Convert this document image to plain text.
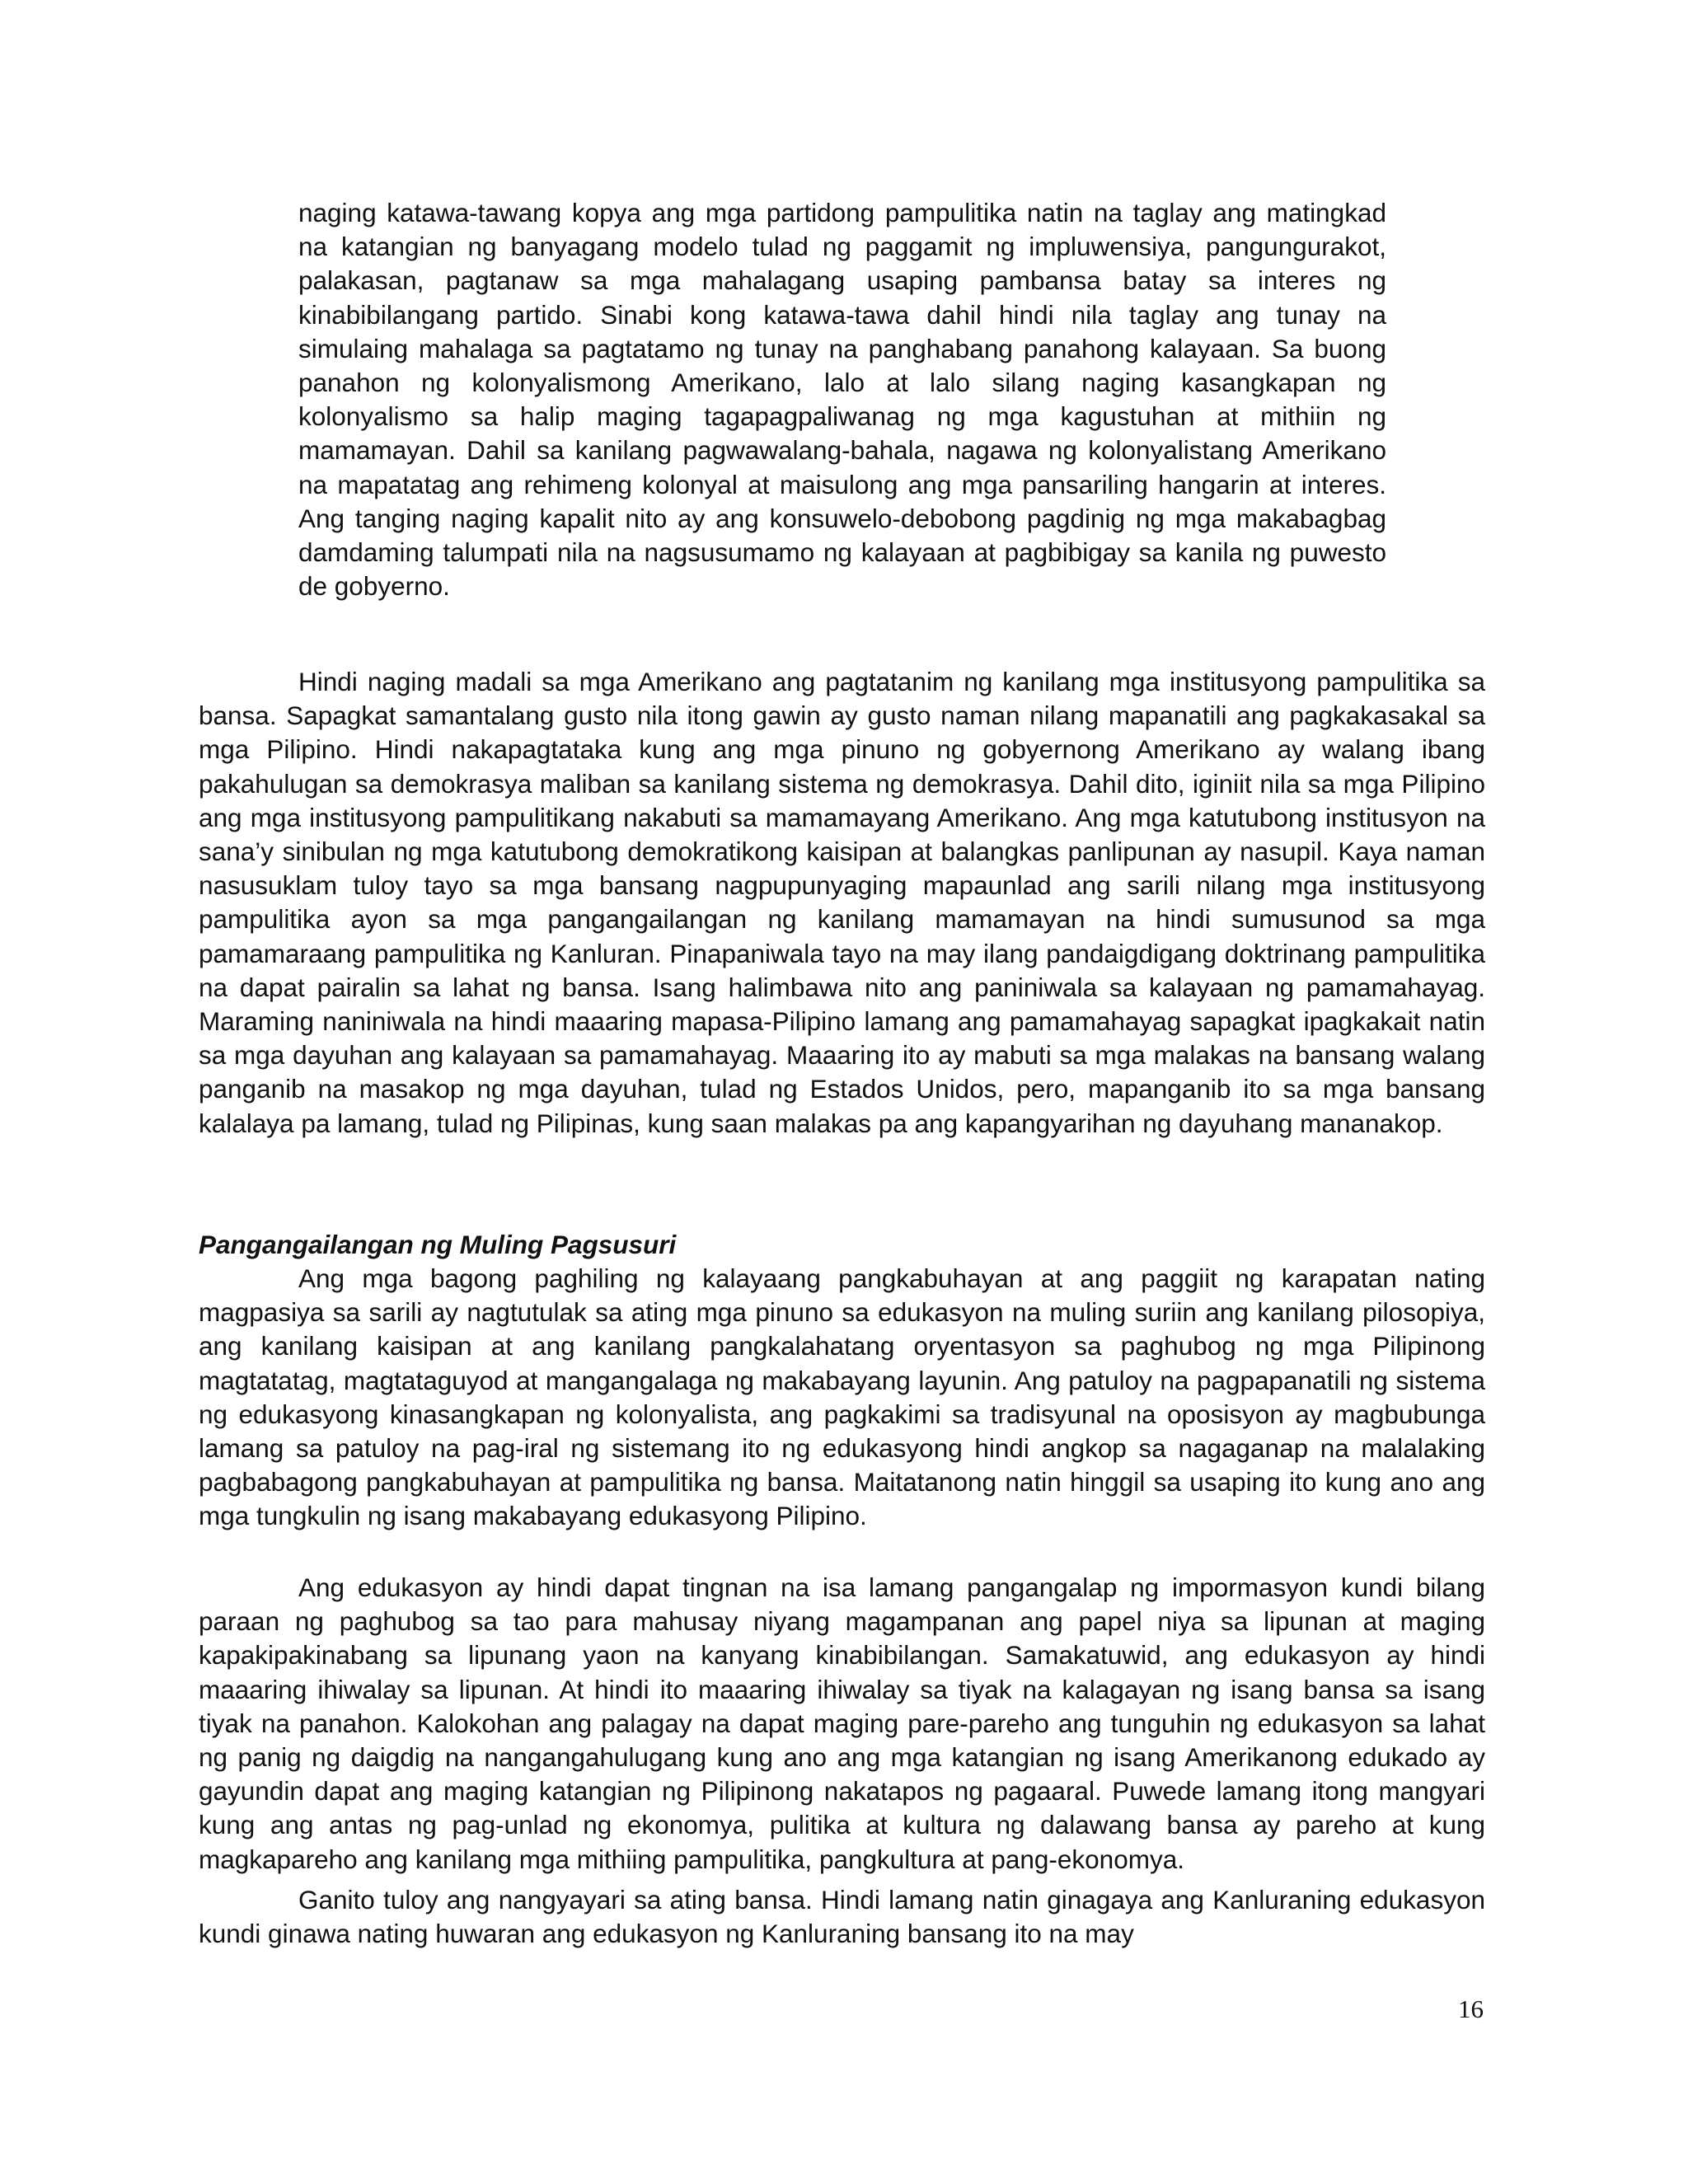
naging katawa-tawang kopya ang mga partidong pampulitika natin na taglay ang matingkad na katangian ng banyagang modelo tulad ng paggamit ng impluwensiya, pangungurakot, palakasan, pagtanaw sa mga mahalagang usaping pambansa batay sa interes ng kinabibilangang partido. Sinabi kong katawa-tawa dahil hindi nila taglay ang tunay na simulaing mahalaga sa pagtatamo ng tunay na panghabang panahong kalayaan. Sa buong panahon ng kolonyalismong Amerikano, lalo at lalo silang naging kasangkapan ng kolonyalismo sa halip maging tagapagpaliwanag ng mga kagustuhan at mithiin ng mamamayan. Dahil sa kanilang pagwawalang-bahala, nagawa ng kolonyalistang Amerikano na mapatatag ang rehimeng kolonyal at maisulong ang mga pansariling hangarin at interes. Ang tanging naging kapalit nito ay ang konsuwelo-debobong pagdinig ng mga makabagbag damdaming talumpati nila na nagsusumamo ng kalayaan at pagbibigay sa kanila ng puwesto de gobyerno.

Hindi naging madali sa mga Amerikano ang pagtatanim ng kanilang mga institusyong pampulitika sa bansa. Sapagkat samantalang gusto nila itong gawin ay gusto naman nilang mapanatili ang pagkakasakal sa mga Pilipino. Hindi nakapagtataka kung ang mga pinuno ng gobyernong Amerikano ay walang ibang pakahulugan sa demokrasya maliban sa kanilang sistema ng demokrasya. Dahil dito, iginiit nila sa mga Pilipino ang mga institusyong pampulitikang nakabuti sa mamamayang Amerikano. Ang mga katutubong institusyon na sana’y sinibulan ng mga katutubong demokratikong kaisipan at balangkas panlipunan ay nasupil. Kaya naman nasusuklam tuloy tayo sa mga bansang nagpupunyaging mapaunlad ang sarili nilang mga institusyong pampulitika ayon sa mga pangangailangan ng kanilang mamamayan na hindi sumusunod sa mga pamamaraang pampulitika ng Kanluran. Pinapaniwala tayo na may ilang pandaigdigang doktrinang pampulitika na dapat pairalin sa lahat ng bansa. Isang halimbawa nito ang paniniwala sa kalayaan ng pamamahayag. Maraming naniniwala na hindi maaaring mapasa-Pilipino lamang ang pamamahayag sapagkat ipagkakait natin sa mga dayuhan ang kalayaan sa pamamahayag. Maaaring ito ay mabuti sa mga malakas na bansang walang panganib na masakop ng mga dayuhan, tulad ng Estados Unidos, pero, mapanganib ito sa mga bansang kalalaya pa lamang, tulad ng Pilipinas, kung saan malakas pa ang kapangyarihan ng dayuhang mananakop.

Pangangailangan ng Muling Pagsusuri

Ang mga bagong paghiling ng kalayaang pangkabuhayan at ang paggiit ng karapatan nating magpasiya sa sarili ay nagtutulak sa ating mga pinuno sa edukasyon na muling suriin ang kanilang pilosopiya, ang kanilang kaisipan at ang kanilang pangkalahatang oryentasyon sa paghubog ng mga Pilipinong magtatatag, magtataguyod at mangangalaga ng makabayang layunin. Ang patuloy na pagpapanatili ng sistema ng edukasyong kinasangkapan ng kolonyalista, ang pagkakimi sa tradisyunal na oposisyon ay magbubunga lamang sa patuloy na pag-iral ng sistemang ito ng edukasyong hindi angkop sa nagaganap na malalaking pagbabagong pangkabuhayan at pampulitika ng bansa. Maitatanong natin hinggil sa usaping ito kung ano ang mga tungkulin ng isang makabayang edukasyong Pilipino.

Ang edukasyon ay hindi dapat tingnan na isa lamang pangangalap ng impormasyon kundi bilang paraan ng paghubog sa tao para mahusay niyang magampanan ang papel niya sa lipunan at maging kapakipakinabang sa lipunang yaon na kanyang kinabibilangan. Samakatuwid, ang edukasyon ay hindi maaaring ihiwalay sa lipunan. At hindi ito maaaring ihiwalay sa tiyak na kalagayan ng isang bansa sa isang tiyak na panahon. Kalokohan ang palagay na dapat maging pare-pareho ang tunguhin ng edukasyon sa lahat ng panig ng daigdig na nangangahulugang kung ano ang mga katangian ng isang Amerikanong edukado ay gayundin dapat ang maging katangian ng Pilipinong nakatapos ng pagaaral. Puwede lamang itong mangyari kung ang antas ng pag-unlad ng ekonomya, pulitika at kultura ng dalawang bansa ay pareho at kung magkapareho ang kanilang mga mithiing pampulitika, pangkultura at pang-ekonomya.

Ganito tuloy ang nangyayari sa ating bansa. Hindi lamang natin ginagaya ang Kanluraning edukasyon kundi ginawa nating huwaran ang edukasyon ng Kanluraning bansang ito na may

16
